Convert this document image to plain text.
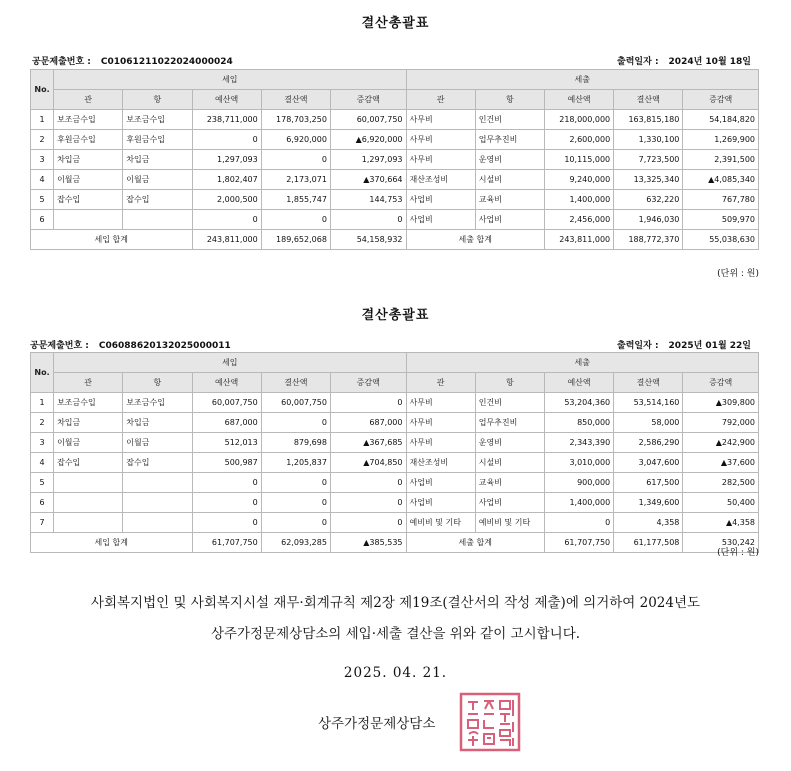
결산총괄표
공문제출번호 : C01061211022024000024	출력일자 : 2024년 10월 18일
No.	세입					세출				
	관	항	예산액	결산액	증감액	관	항	예산액	결산액	증감액
1	보조금수입	보조금수입	238,711,000	178,703,250	60,007,750	사무비	인건비	218,000,000	163,815,180	54,184,820
2	후원금수입	후원금수입	0	6,920,000	▲6,920,000	사무비	업무추진비	2,600,000	1,330,100	1,269,900
3	차입금	차입금	1,297,093	0	1,297,093	사무비	운영비	10,115,000	7,723,500	2,391,500
4	이월금	이월금	1,802,407	2,173,071	▲370,664	재산조성비	시설비	9,240,000	13,325,340	▲4,085,340
5	잡수입	잡수입	2,000,500	1,855,747	144,753	사업비	교육비	1,400,000	632,220	767,780
6			0	0	0	사업비	사업비	2,456,000	1,946,030	509,970
세입 합계			243,811,000	189,652,068	54,158,932	세출 합계		243,811,000	188,772,370	55,038,630
(단위 : 원)
결산총괄표
공문제출번호 : C06088620132025000011	출력일자 : 2025년 01월 22일
No.	세입					세출				
	관	항	예산액	결산액	증감액	관	항	예산액	결산액	증감액
1	보조금수입	보조금수입	60,007,750	60,007,750	0	사무비	인건비	53,204,360	53,514,160	▲309,800
2	차입금	차입금	687,000	0	687,000	사무비	업무추진비	850,000	58,000	792,000
3	이월금	이월금	512,013	879,698	▲367,685	사무비	운영비	2,343,390	2,586,290	▲242,900
4	잡수입	잡수입	500,987	1,205,837	▲704,850	재산조성비	시설비	3,010,000	3,047,600	▲37,600
5			0	0	0	사업비	교육비	900,000	617,500	282,500
6			0	0	0	사업비	사업비	1,400,000	1,349,600	50,400
7			0	0	0	예비비 및 기타	예비비 및 기타	0	4,358	▲4,358
세입 합계			61,707,750	62,093,285	▲385,535	세출 합계		61,707,750	61,177,508	530,242
(단위 : 원)
사회복지법인 및 사회복지시설 재무·회계규칙 제2장 제19조(결산서의 작성 제출)에 의거하여 2024년도
상주가정문제상담소의 세입·세출 결산을 위와 같이 고시합니다.
2025. 04. 21.
상주가정문제상담소
